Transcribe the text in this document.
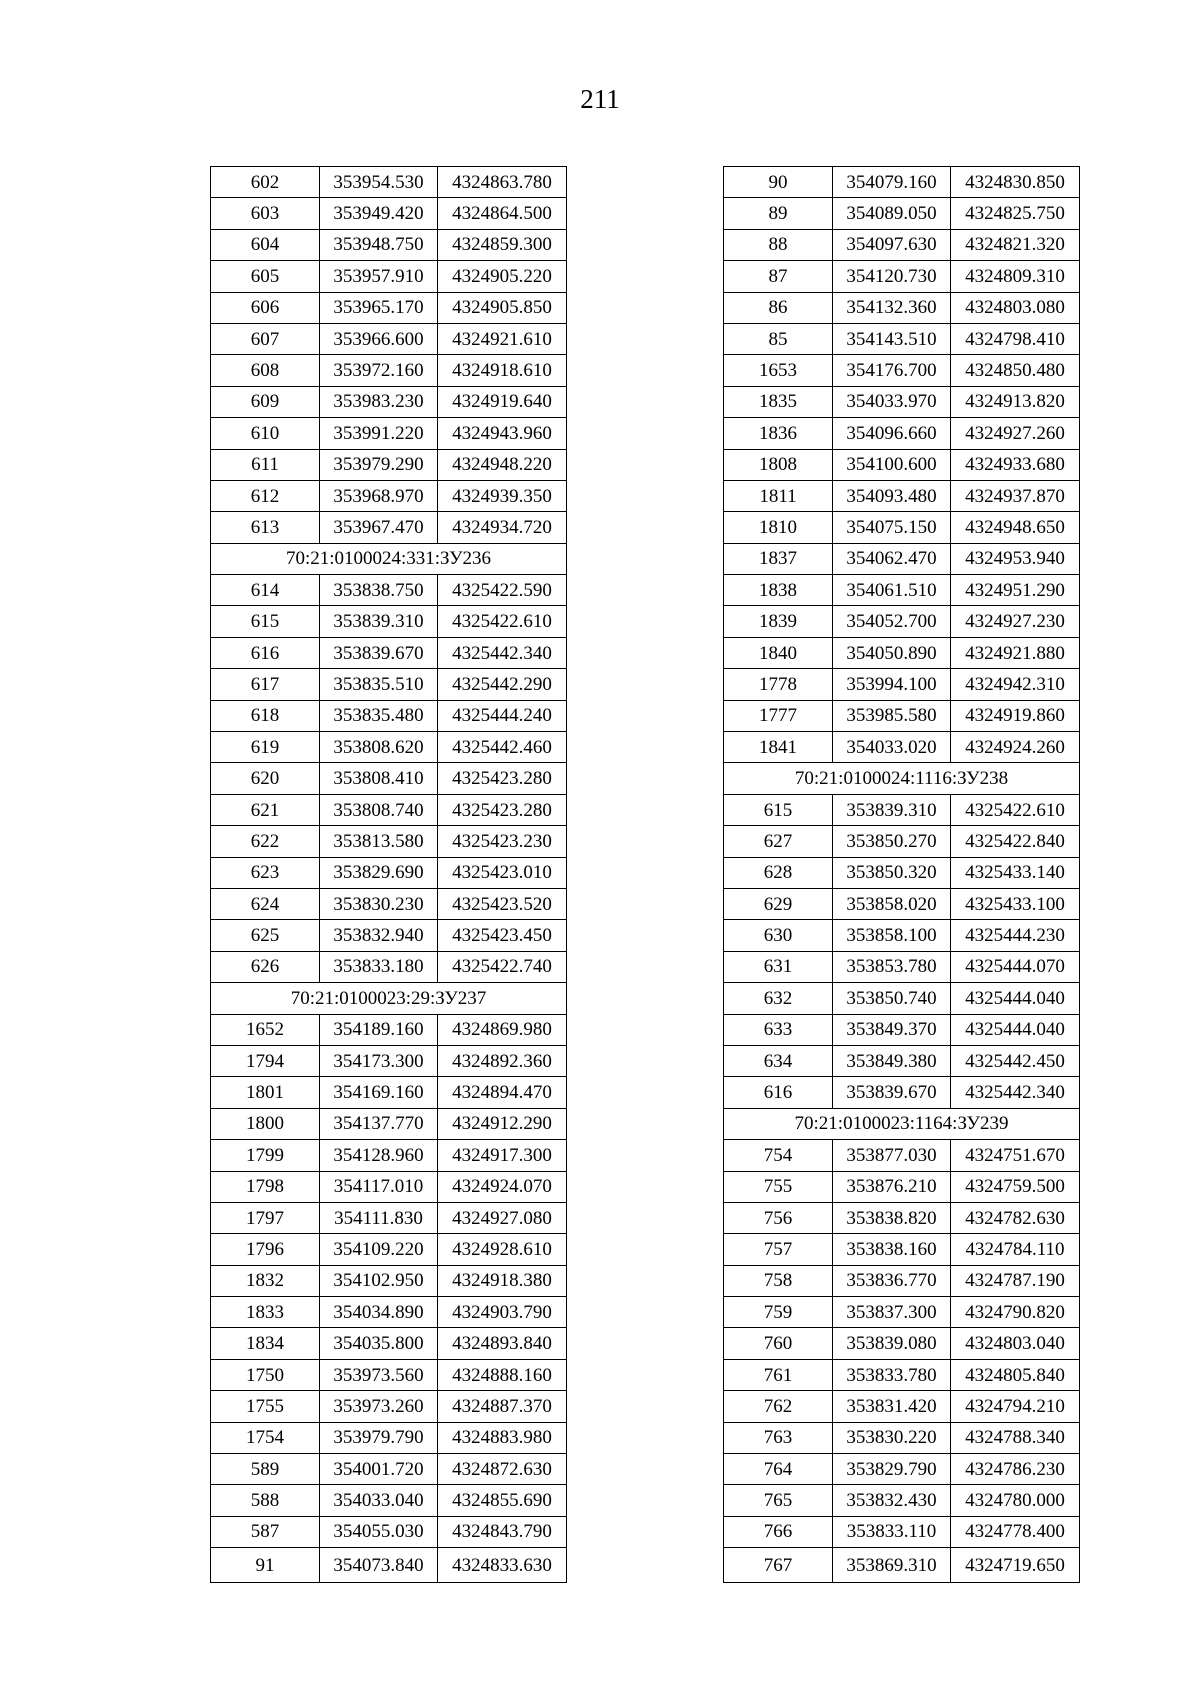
211
602	353954.530	4324863.780
603	353949.420	4324864.500
604	353948.750	4324859.300
605	353957.910	4324905.220
606	353965.170	4324905.850
607	353966.600	4324921.610
608	353972.160	4324918.610
609	353983.230	4324919.640
610	353991.220	4324943.960
611	353979.290	4324948.220
612	353968.970	4324939.350
613	353967.470	4324934.720
70:21:0100024:331:ЗУ236		
614	353838.750	4325422.590
615	353839.310	4325422.610
616	353839.670	4325442.340
617	353835.510	4325442.290
618	353835.480	4325444.240
619	353808.620	4325442.460
620	353808.410	4325423.280
621	353808.740	4325423.280
622	353813.580	4325423.230
623	353829.690	4325423.010
624	353830.230	4325423.520
625	353832.940	4325423.450
626	353833.180	4325422.740
70:21:0100023:29:ЗУ237		
1652	354189.160	4324869.980
1794	354173.300	4324892.360
1801	354169.160	4324894.470
1800	354137.770	4324912.290
1799	354128.960	4324917.300
1798	354117.010	4324924.070
1797	354111.830	4324927.080
1796	354109.220	4324928.610
1832	354102.950	4324918.380
1833	354034.890	4324903.790
1834	354035.800	4324893.840
1750	353973.560	4324888.160
1755	353973.260	4324887.370
1754	353979.790	4324883.980
589	354001.720	4324872.630
588	354033.040	4324855.690
587	354055.030	4324843.790
91	354073.840	4324833.630
90	354079.160	4324830.850
89	354089.050	4324825.750
88	354097.630	4324821.320
87	354120.730	4324809.310
86	354132.360	4324803.080
85	354143.510	4324798.410
1653	354176.700	4324850.480
1835	354033.970	4324913.820
1836	354096.660	4324927.260
1808	354100.600	4324933.680
1811	354093.480	4324937.870
1810	354075.150	4324948.650
1837	354062.470	4324953.940
1838	354061.510	4324951.290
1839	354052.700	4324927.230
1840	354050.890	4324921.880
1778	353994.100	4324942.310
1777	353985.580	4324919.860
1841	354033.020	4324924.260
70:21:0100024:1116:ЗУ238		
615	353839.310	4325422.610
627	353850.270	4325422.840
628	353850.320	4325433.140
629	353858.020	4325433.100
630	353858.100	4325444.230
631	353853.780	4325444.070
632	353850.740	4325444.040
633	353849.370	4325444.040
634	353849.380	4325442.450
616	353839.670	4325442.340
70:21:0100023:1164:ЗУ239		
754	353877.030	4324751.670
755	353876.210	4324759.500
756	353838.820	4324782.630
757	353838.160	4324784.110
758	353836.770	4324787.190
759	353837.300	4324790.820
760	353839.080	4324803.040
761	353833.780	4324805.840
762	353831.420	4324794.210
763	353830.220	4324788.340
764	353829.790	4324786.230
765	353832.430	4324780.000
766	353833.110	4324778.400
767	353869.310	4324719.650
